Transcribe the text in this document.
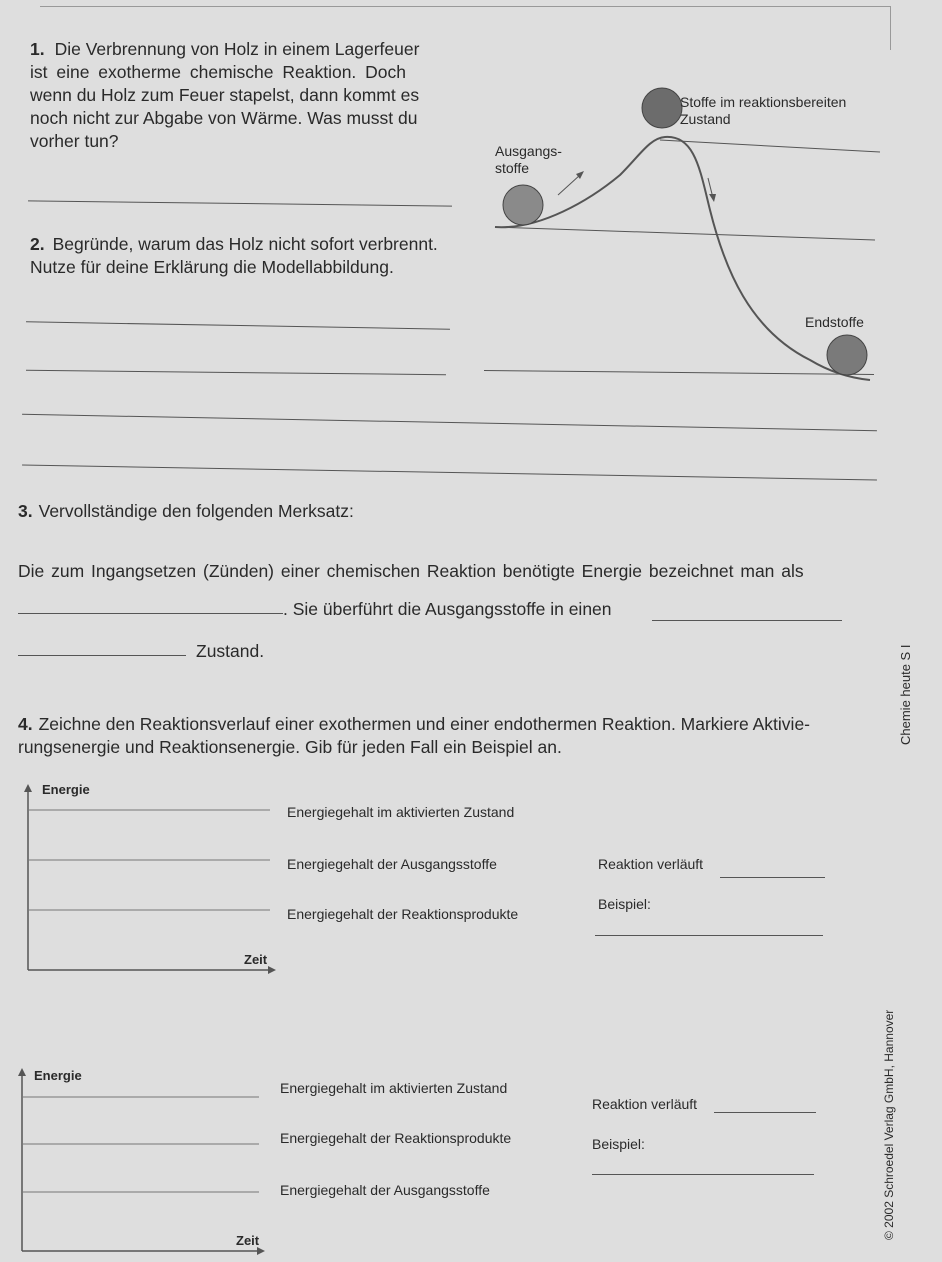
1. Die Verbrennung von Holz in einem Lagerfeuer
ist eine exotherme chemische Reaktion. Doch
wenn du Holz zum Feuer stapelst, dann kommt es
noch nicht zur Abgabe von Wärme. Was musst du
vorher tun?
2. Begründe, warum das Holz nicht sofort verbrennt.
Nutze für deine Erklärung die Modellabbildung.
Stoffe im reaktionsbereiten
Zustand
Ausgangs-
stoffe
Endstoffe
3. Vervollständige den folgenden Merksatz:
Die zum Ingangsetzen (Zünden) einer chemischen Reaktion benötigte Energie bezeichnet man als
. Sie überführt die Ausgangsstoffe in einen
Zustand.
4. Zeichne den Reaktionsverlauf einer exothermen und einer endothermen Reaktion. Markiere Aktivie-
rungsenergie und Reaktionsenergie. Gib für jeden Fall ein Beispiel an.
Energie
Zeit
Energiegehalt im aktivierten Zustand
Energiegehalt der Ausgangsstoffe
Energiegehalt der Reaktionsprodukte
Reaktion verläuft
Beispiel:
Energie
Zeit
Energiegehalt im aktivierten Zustand
Energiegehalt der Reaktionsprodukte
Energiegehalt der Ausgangsstoffe
Reaktion verläuft
Beispiel:
Chemie heute S I
© 2002 Schroedel Verlag GmbH, Hannover
